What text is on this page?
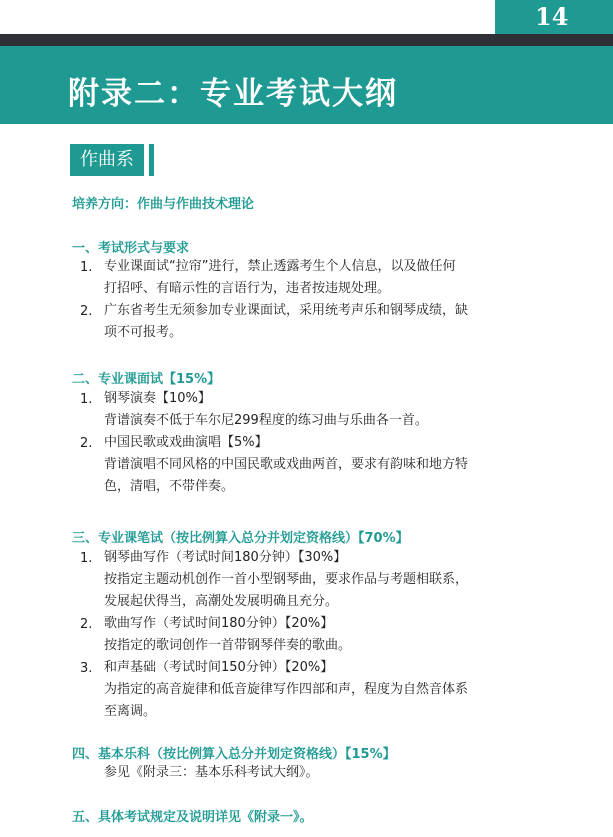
14
附录二：专业考试大纲
作曲系
培养方向：作曲与作曲技术理论
一、考试形式与要求
1. 专业课面试“拉帘”进行，禁止透露考生个人信息，以及做任何
打招呼、有暗示性的言语行为，违者按违规处理。
2. 广东省考生无须参加专业课面试，采用统考声乐和钢琴成绩，缺
项不可报考。
二、专业课面试【15%】
1. 钢琴演奏【10%】
背谱演奏不低于车尔尼299程度的练习曲与乐曲各一首。
2. 中国民歌或戏曲演唱【5%】
背谱演唱不同风格的中国民歌或戏曲两首，要求有韵味和地方特
色，清唱，不带伴奏。
三、专业课笔试（按比例算入总分并划定资格线）【70%】
1. 钢琴曲写作（考试时间180分钟）【30%】
按指定主题动机创作一首小型钢琴曲，要求作品与考题相联系，
发展起伏得当，高潮处发展明确且充分。
2. 歌曲写作（考试时间180分钟）【20%】
按指定的歌词创作一首带钢琴伴奏的歌曲。
3. 和声基础（考试时间150分钟）【20%】
为指定的高音旋律和低音旋律写作四部和声，程度为自然音体系
至离调。
四、基本乐科（按比例算入总分并划定资格线）【15%】
参见《附录三：基本乐科考试大纲》。
五、具体考试规定及说明详见《附录一》。
